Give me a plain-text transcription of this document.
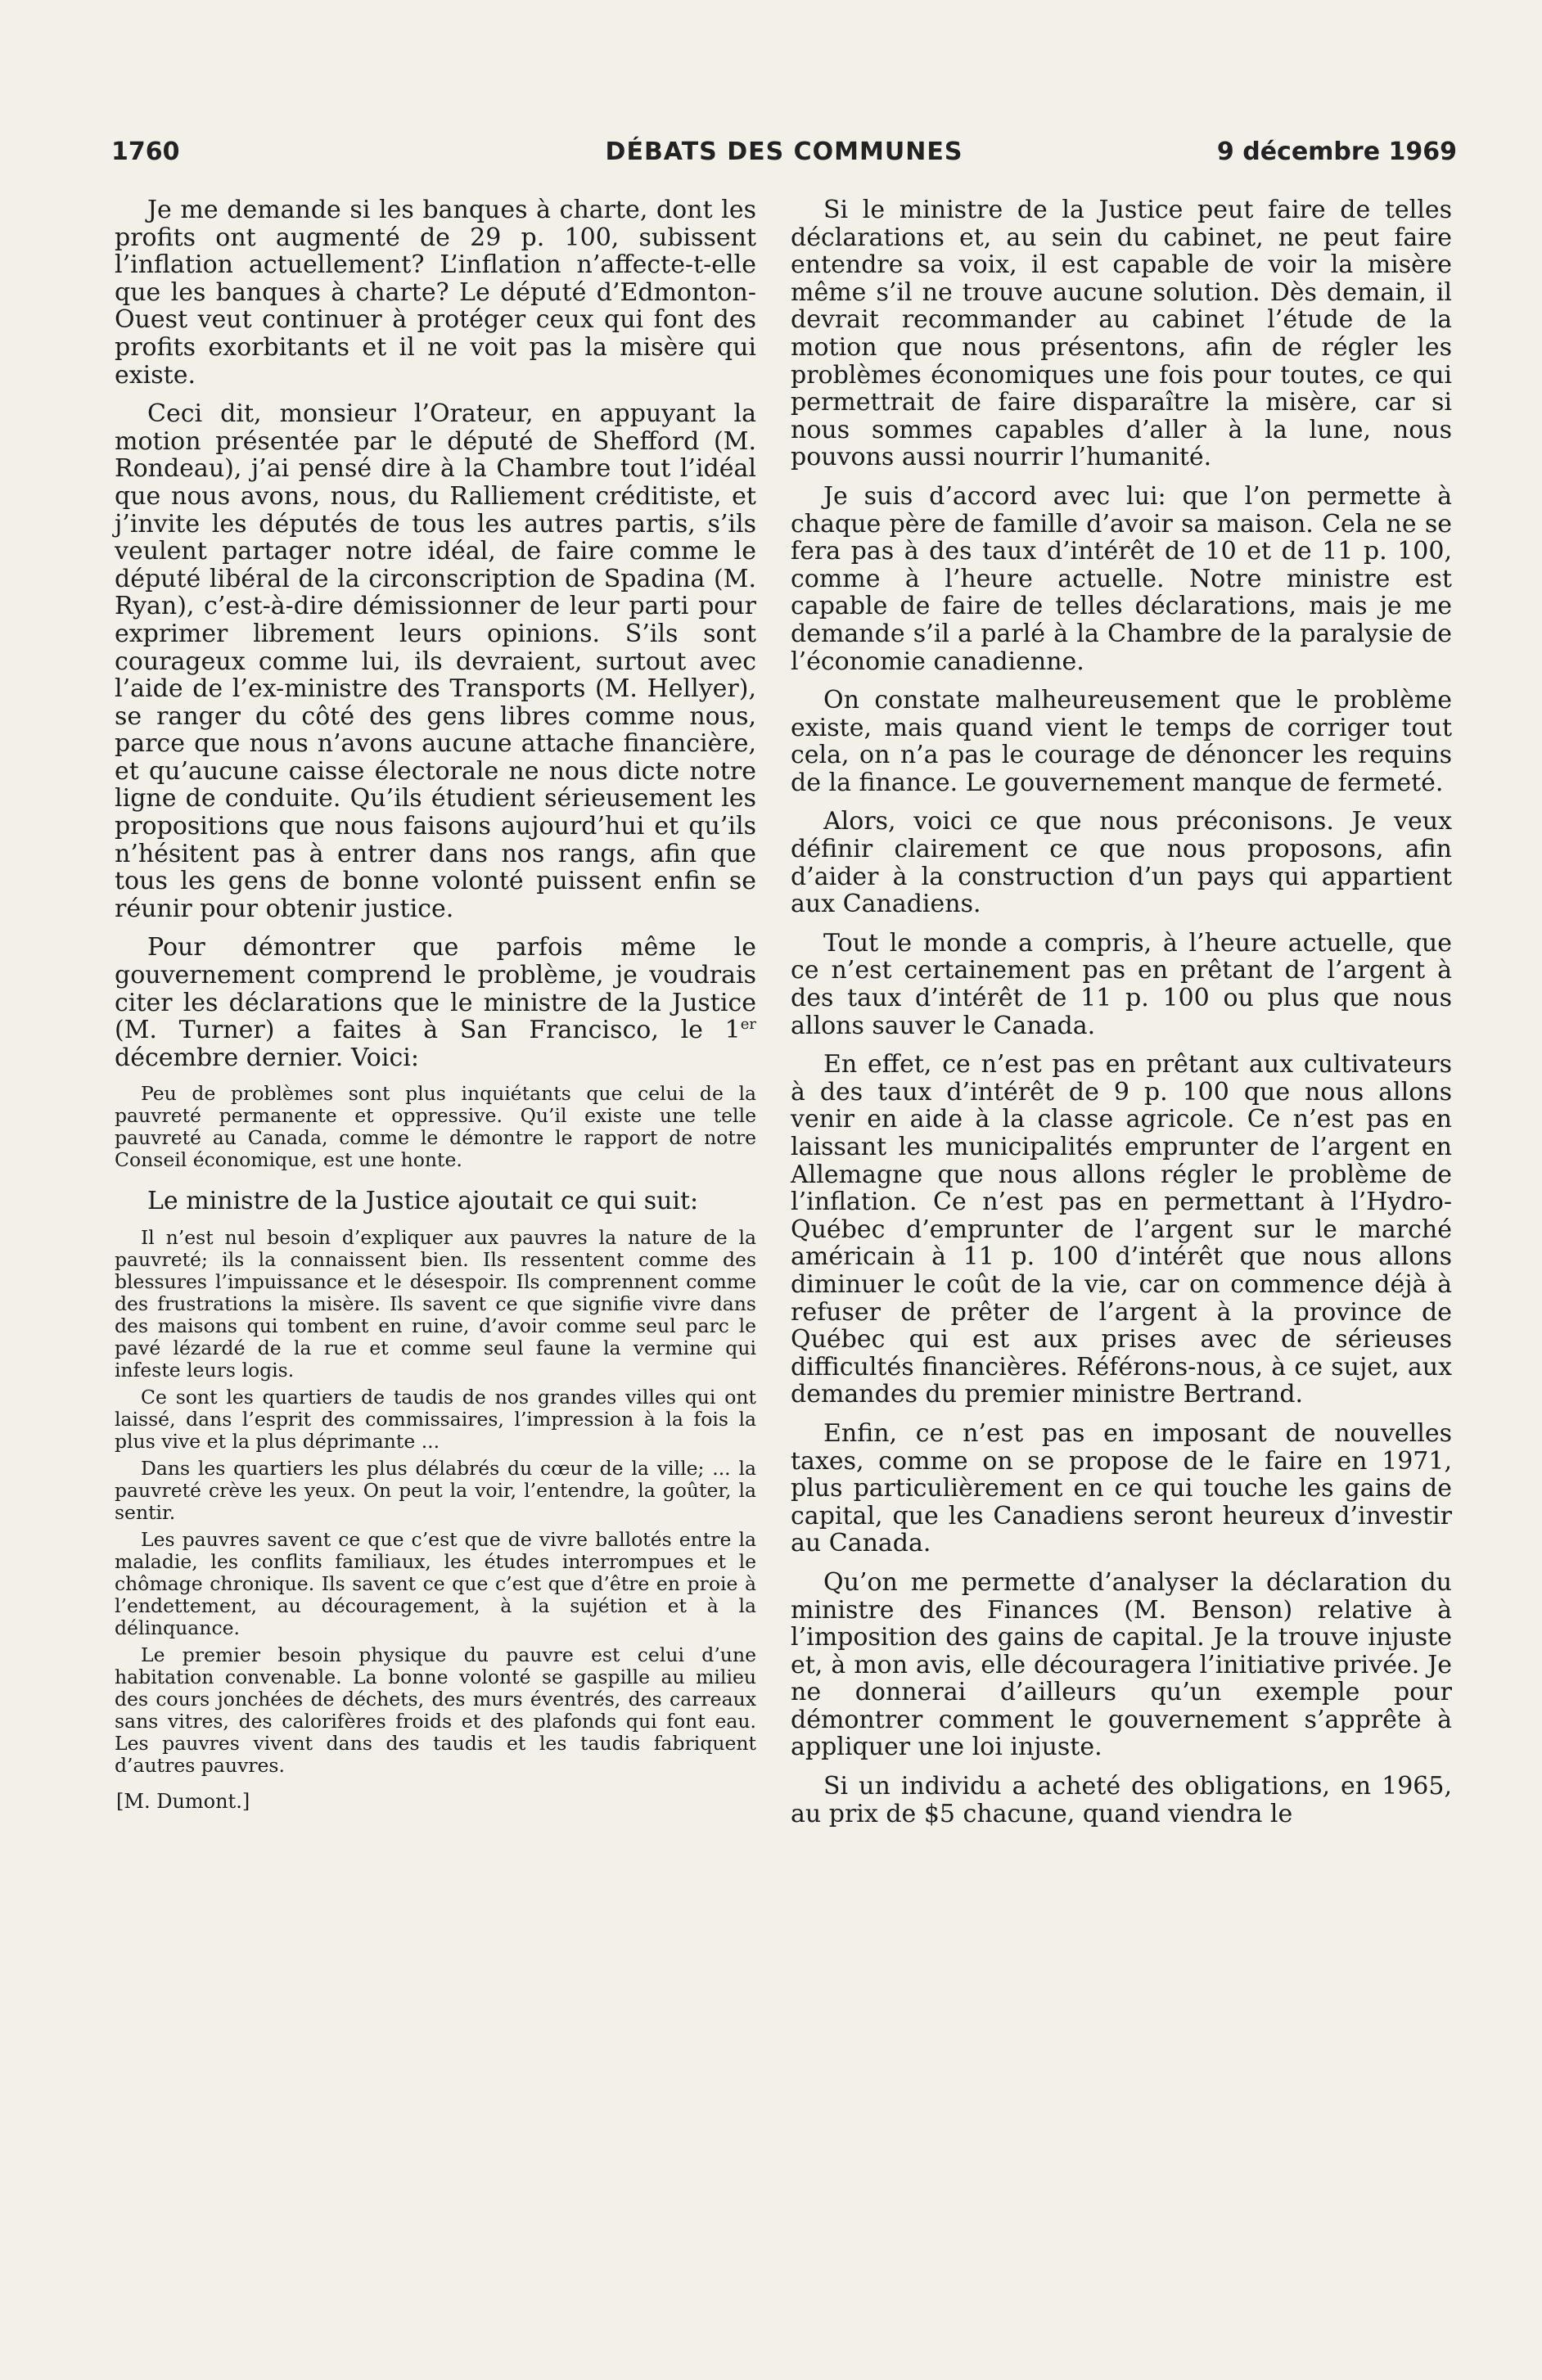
1760	DÉBATS DES COMMUNES	9 décembre 1969

Je me demande si les banques à charte, dont les profits ont augmenté de 29 p. 100, subissent l’inflation actuellement? L’inflation n’affecte-t-elle que les banques à charte? Le député d’Edmonton-Ouest veut continuer à protéger ceux qui font des profits exorbitants et il ne voit pas la misère qui existe.

Ceci dit, monsieur l’Orateur, en appuyant la motion présentée par le député de Shefford (M. Rondeau), j’ai pensé dire à la Chambre tout l’idéal que nous avons, nous, du Ralliement créditiste, et j’invite les députés de tous les autres partis, s’ils veulent partager notre idéal, de faire comme le député libéral de la circonscription de Spadina (M. Ryan), c’est-à-dire démissionner de leur parti pour exprimer librement leurs opinions. S’ils sont courageux comme lui, ils devraient, surtout avec l’aide de l’ex-ministre des Transports (M. Hellyer), se ranger du côté des gens libres comme nous, parce que nous n’avons aucune attache financière, et qu’aucune caisse électorale ne nous dicte notre ligne de conduite. Qu’ils étudient sérieusement les propositions que nous faisons aujourd’hui et qu’ils n’hésitent pas à entrer dans nos rangs, afin que tous les gens de bonne volonté puissent enfin se réunir pour obtenir justice.

Pour démontrer que parfois même le gouvernement comprend le problème, je voudrais citer les déclarations que le ministre de la Justice (M. Turner) a faites à San Francisco, le 1er décembre dernier. Voici:

Peu de problèmes sont plus inquiétants que celui de la pauvreté permanente et oppressive. Qu’il existe une telle pauvreté au Canada, comme le démontre le rapport de notre Conseil économique, est une honte.

Le ministre de la Justice ajoutait ce qui suit:

Il n’est nul besoin d’expliquer aux pauvres la nature de la pauvreté; ils la connaissent bien. Ils ressentent comme des blessures l’impuissance et le désespoir. Ils comprennent comme des frustrations la misère. Ils savent ce que signifie vivre dans des maisons qui tombent en ruine, d’avoir comme seul parc le pavé lézardé de la rue et comme seul faune la vermine qui infeste leurs logis.

Ce sont les quartiers de taudis de nos grandes villes qui ont laissé, dans l’esprit des commissaires, l’impression à la fois la plus vive et la plus déprimante ...

Dans les quartiers les plus délabrés du cœur de la ville; ... la pauvreté crève les yeux. On peut la voir, l’entendre, la goûter, la sentir.

Les pauvres savent ce que c’est que de vivre ballotés entre la maladie, les conflits familiaux, les études interrompues et le chômage chronique. Ils savent ce que c’est que d’être en proie à l’endettement, au découragement, à la sujétion et à la délinquance.

Le premier besoin physique du pauvre est celui d’une habitation convenable. La bonne volonté se gaspille au milieu des cours jonchées de déchets, des murs éventrés, des carreaux sans vitres, des calorifères froids et des plafonds qui font eau. Les pauvres vivent dans des taudis et les taudis fabriquent d’autres pauvres.

[M. Dumont.]

Si le ministre de la Justice peut faire de telles déclarations et, au sein du cabinet, ne peut faire entendre sa voix, il est capable de voir la misère même s’il ne trouve aucune solution. Dès demain, il devrait recommander au cabinet l’étude de la motion que nous présentons, afin de régler les problèmes économiques une fois pour toutes, ce qui permettrait de faire disparaître la misère, car si nous sommes capables d’aller à la lune, nous pouvons aussi nourrir l’humanité.

Je suis d’accord avec lui: que l’on permette à chaque père de famille d’avoir sa maison. Cela ne se fera pas à des taux d’intérêt de 10 et de 11 p. 100, comme à l’heure actuelle. Notre ministre est capable de faire de telles déclarations, mais je me demande s’il a parlé à la Chambre de la paralysie de l’économie canadienne.

On constate malheureusement que le problème existe, mais quand vient le temps de corriger tout cela, on n’a pas le courage de dénoncer les requins de la finance. Le gouvernement manque de fermeté.

Alors, voici ce que nous préconisons. Je veux définir clairement ce que nous proposons, afin d’aider à la construction d’un pays qui appartient aux Canadiens.

Tout le monde a compris, à l’heure actuelle, que ce n’est certainement pas en prêtant de l’argent à des taux d’intérêt de 11 p. 100 ou plus que nous allons sauver le Canada.

En effet, ce n’est pas en prêtant aux cultivateurs à des taux d’intérêt de 9 p. 100 que nous allons venir en aide à la classe agricole. Ce n’est pas en laissant les municipalités emprunter de l’argent en Allemagne que nous allons régler le problème de l’inflation. Ce n’est pas en permettant à l’Hydro-Québec d’emprunter de l’argent sur le marché américain à 11 p. 100 d’intérêt que nous allons diminuer le coût de la vie, car on commence déjà à refuser de prêter de l’argent à la province de Québec qui est aux prises avec de sérieuses difficultés financières. Référons-nous, à ce sujet, aux demandes du premier ministre Bertrand.

Enfin, ce n’est pas en imposant de nouvelles taxes, comme on se propose de le faire en 1971, plus particulièrement en ce qui touche les gains de capital, que les Canadiens seront heureux d’investir au Canada.

Qu’on me permette d’analyser la déclaration du ministre des Finances (M. Benson) relative à l’imposition des gains de capital. Je la trouve injuste et, à mon avis, elle découragera l’initiative privée. Je ne donnerai d’ailleurs qu’un exemple pour démontrer comment le gouvernement s’apprête à appliquer une loi injuste.

Si un individu a acheté des obligations, en 1965, au prix de $5 chacune, quand viendra le
